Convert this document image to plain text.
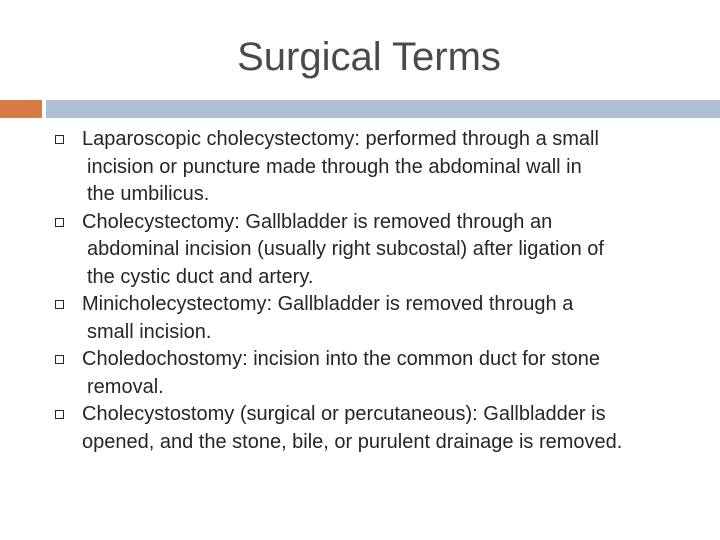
Surgical Terms
Laparoscopic cholecystectomy: performed through a small
incision or puncture made through the abdominal wall in
the umbilicus.
Cholecystectomy: Gallbladder is removed through an
abdominal incision (usually right subcostal) after ligation of
the cystic duct and artery.
Minicholecystectomy: Gallbladder is removed through a
small incision.
Choledochostomy: incision into the common duct for stone
removal.
Cholecystostomy (surgical or percutaneous): Gallbladder is
opened, and the stone, bile, or purulent drainage is removed.
